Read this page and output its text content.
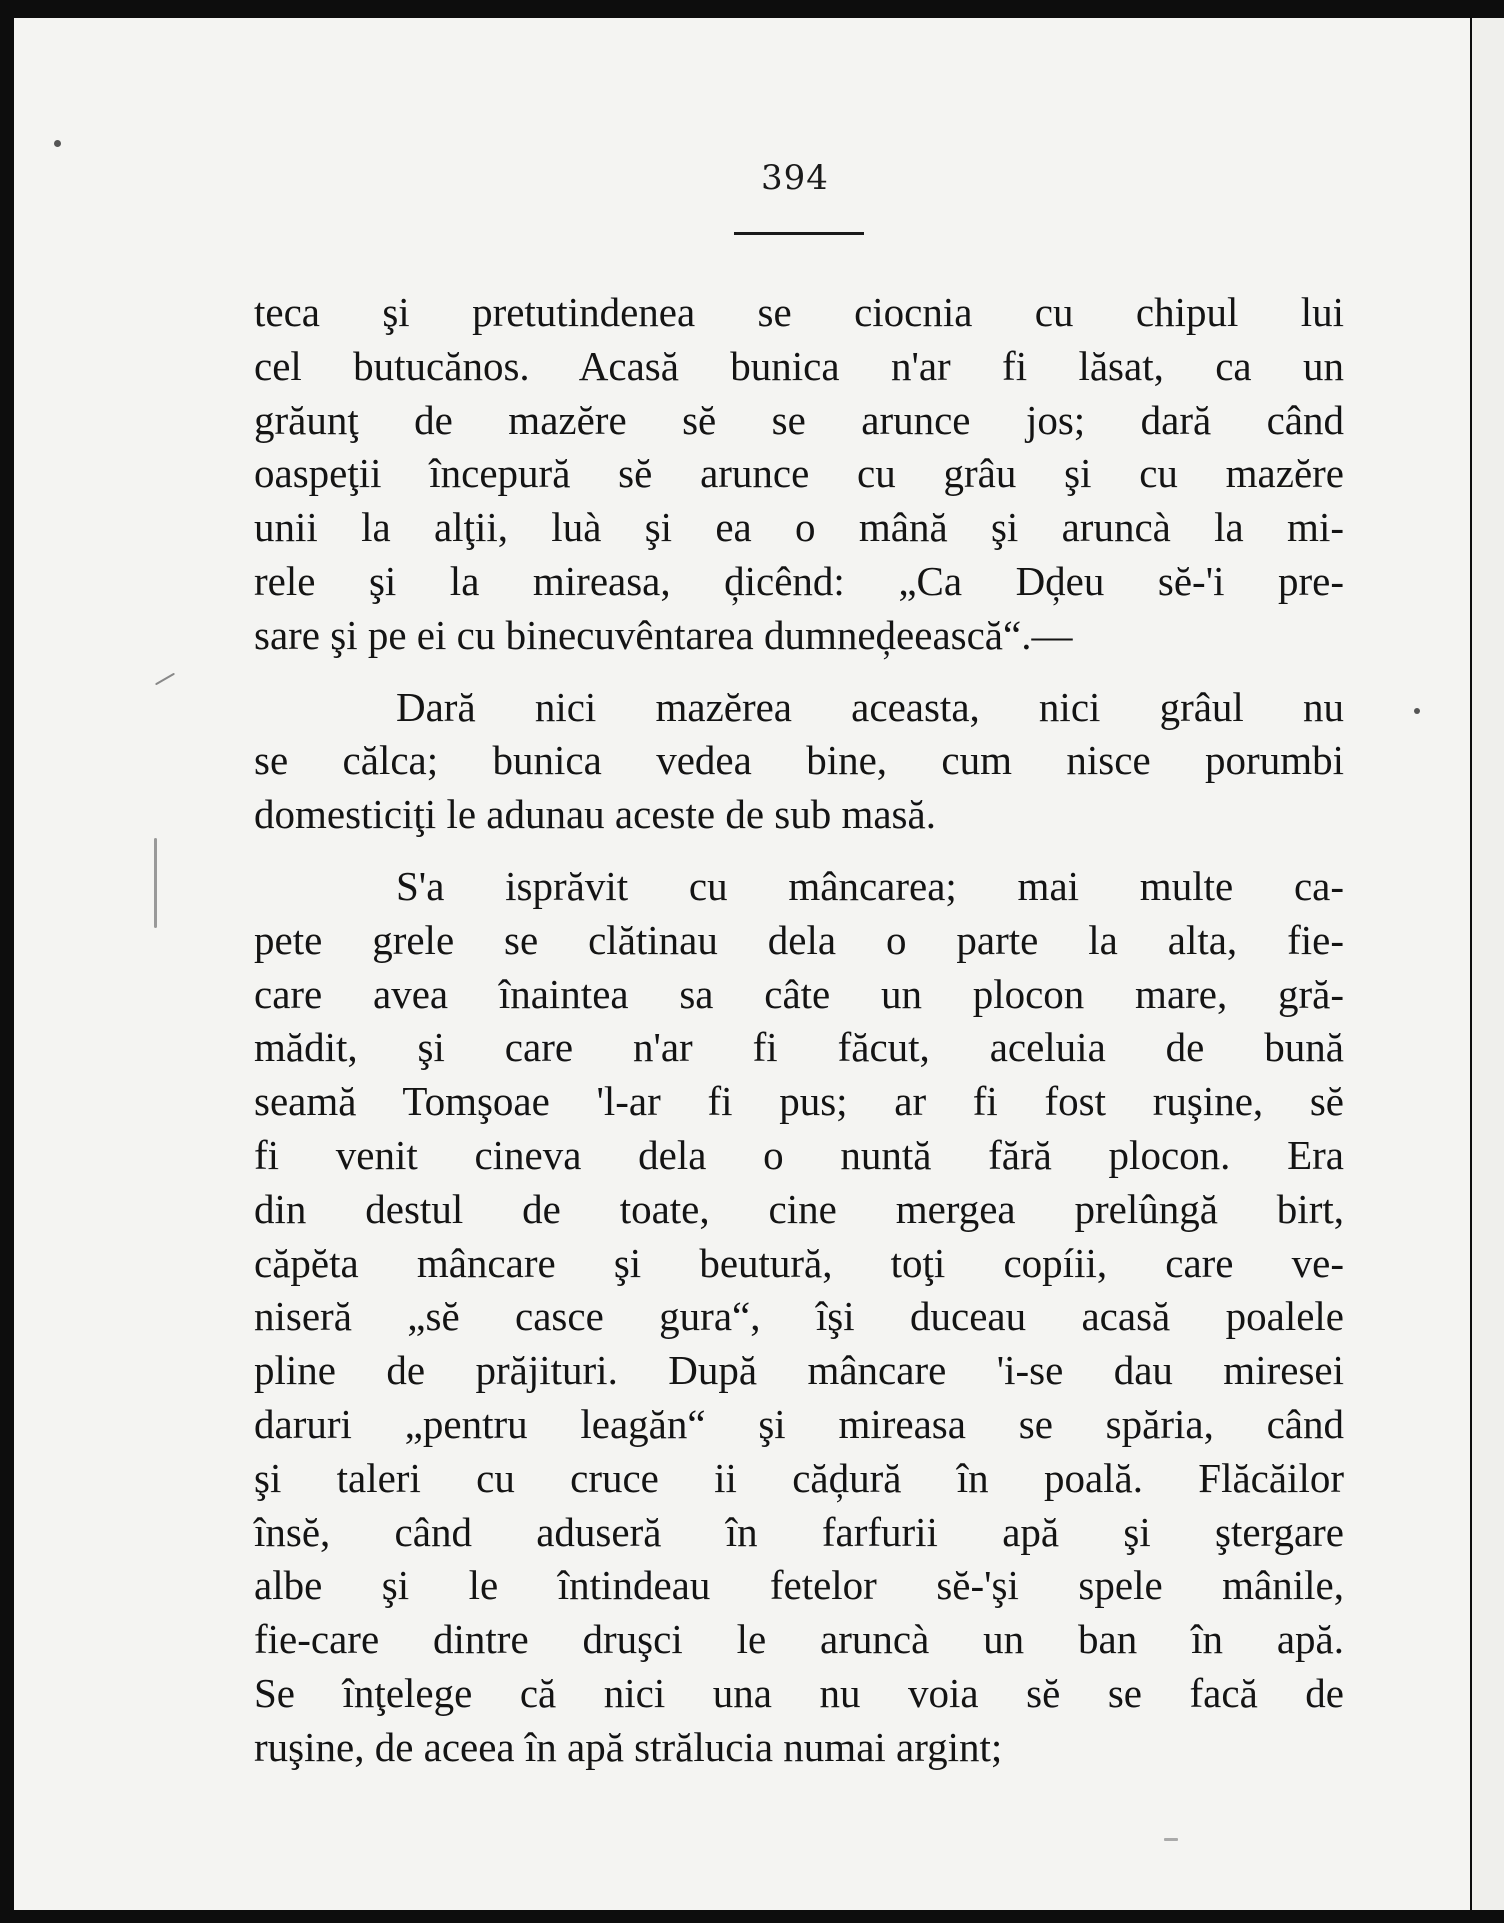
394
teca şi pretutindenea se ciocnia cu chipul lui
cel butucănos. Acasă bunica n'ar fi lăsat, ca un
grăunţ de mazĕre sĕ se arunce jos; dară când
oaspeţii începură sĕ arunce cu grâu şi cu mazĕre
unii la alţii, luà şi ea o mână şi aruncà la mi-
rele şi la mireasa, ḑicênd: „Ca Dḑeu sĕ-'i pre-
sare şi pe ei cu binecuvêntarea dumneḑeească“.—
Dară nici mazĕrea aceasta, nici grâul nu
se călca; bunica vedea bine, cum nisce porumbi
domesticiţi le adunau aceste de sub masă.
S'a isprăvit cu mâncarea; mai multe ca-
pete grele se clătinau dela o parte la alta, fie-
care avea înaintea sa câte un plocon mare, gră-
mădit, şi care n'ar fi făcut, aceluia de bună
seamă Tomşoae 'l-ar fi pus; ar fi fost ruşine, sĕ
fi venit cineva dela o nuntă fără plocon. Era
din destul de toate, cine mergea prelûngă birt,
căpĕta mâncare şi beutură, toţi copíii, care ve-
niseră „sĕ casce gura“, îşi duceau acasă poalele
pline de prăjituri. După mâncare 'i-se dau miresei
daruri „pentru leagăn“ şi mireasa se spăria, când
şi taleri cu cruce ii căḑură în poală. Flăcăilor
însĕ, când aduseră în farfurii apă şi ştergare
albe şi le întindeau fetelor sĕ-'şi spele mânile,
fie-care dintre druşci le aruncà un ban în apă.
Se înţelege că nici una nu voia sĕ se facă de
ruşine, de aceea în apă strălucia numai argint;
